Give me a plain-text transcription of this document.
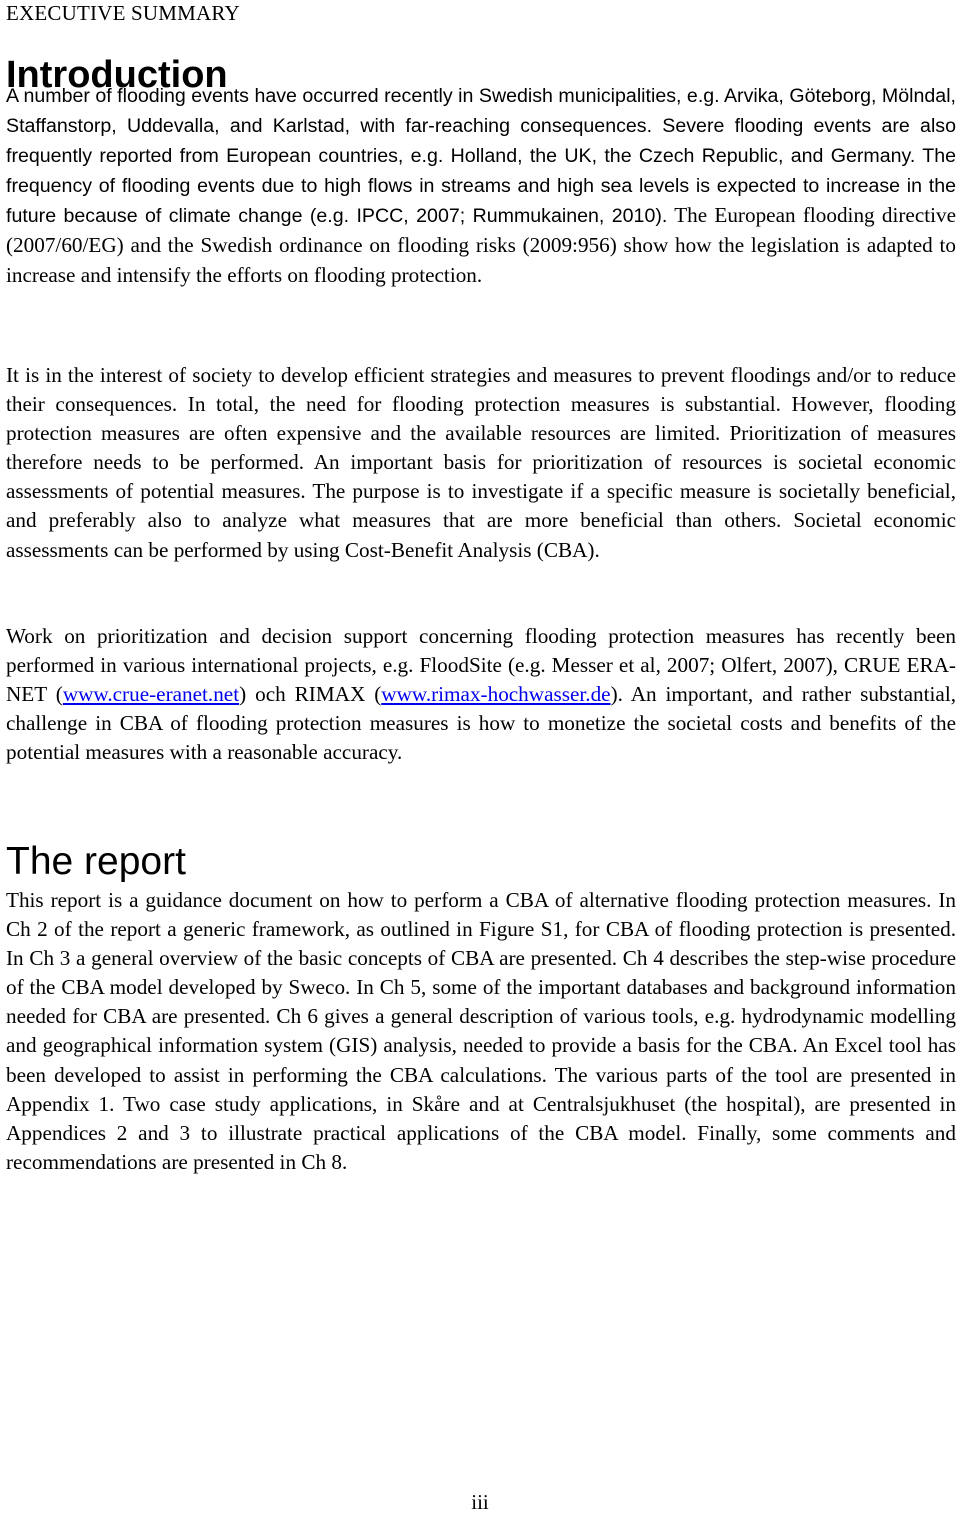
EXECUTIVE SUMMARY
Introduction

A number of flooding events have occurred recently in Swedish municipalities, e.g. Arvika, Göteborg, Mölndal, Staffanstorp, Uddevalla, and Karlstad, with far-reaching consequences. Severe flooding events are also frequently reported from European countries, e.g. Holland, the UK, the Czech Republic, and Germany. The frequency of flooding events due to high flows in streams and high sea levels is expected to increase in the future because of climate change (e.g. IPCC, 2007; Rummukainen, 2010). The European flooding directive (2007/60/EG) and the Swedish ordinance on flooding risks (2009:956) show how the legislation is adapted to increase and intensify the efforts on flooding protection.

It is in the interest of society to develop efficient strategies and measures to prevent floodings and/or to reduce their consequences. In total, the need for flooding protection measures is substantial. However, flooding protection measures are often expensive and the available resources are limited. Prioritization of measures therefore needs to be performed. An important basis for prioritization of resources is societal economic assessments of potential measures. The purpose is to investigate if a specific measure is societally beneficial, and preferably also to analyze what measures that are more beneficial than others. Societal economic assessments can be performed by using Cost-Benefit Analysis (CBA).

Work on prioritization and decision support concerning flooding protection measures has recently been performed in various international projects, e.g. FloodSite (e.g. Messer et al, 2007; Olfert, 2007), CRUE ERA-NET (www.crue-eranet.net) och RIMAX (www.rimax-hochwasser.de). An important, and rather substantial, challenge in CBA of flooding protection measures is how to monetize the societal costs and benefits of the potential measures with a reasonable accuracy.

The report

This report is a guidance document on how to perform a CBA of alternative flooding protection measures. In Ch 2 of the report a generic framework, as outlined in Figure S1, for CBA of flooding protection is presented. In Ch 3 a general overview of the basic concepts of CBA are presented. Ch 4 describes the step-wise procedure of the CBA model developed by Sweco. In Ch 5, some of the important databases and background information needed for CBA are presented. Ch 6 gives a general description of various tools, e.g. hydrodynamic modelling and geographical information system (GIS) analysis, needed to provide a basis for the CBA. An Excel tool has been developed to assist in performing the CBA calculations. The various parts of the tool are presented in Appendix 1. Two case study applications, in Skåre and at Centralsjukhuset (the hospital), are presented in Appendices 2 and 3 to illustrate practical applications of the CBA model. Finally, some comments and recommendations are presented in Ch 8.

iii
